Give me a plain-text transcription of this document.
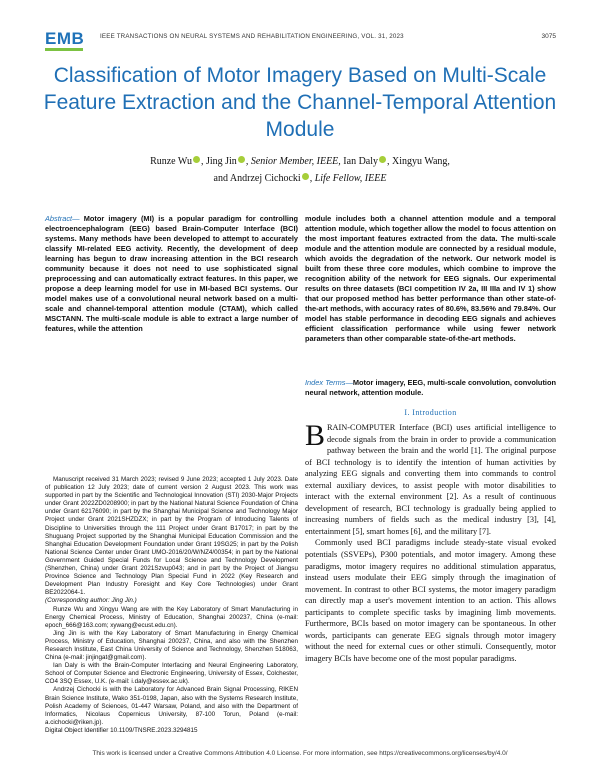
EMB	IEEE TRANSACTIONS ON NEURAL SYSTEMS AND REHABILITATION ENGINEERING, VOL. 31, 2023	3075
Classification of Motor Imagery Based on Multi-Scale Feature Extraction and the Channel-Temporal Attention Module
Runze Wu , Jing Jin , Senior Member, IEEE, Ian Daly , Xingyu Wang,
and Andrzej Cichocki , Life Fellow, IEEE
Abstract— Motor imagery (MI) is a popular paradigm for controlling electroencephalogram (EEG) based Brain-Computer Interface (BCI) systems. Many methods have been developed to attempt to accurately classify MI-related EEG activity. Recently, the development of deep learning has begun to draw increasing attention in the BCI research community because it does not need to use sophisticated signal preprocessing and can automatically extract features. In this paper, we propose a deep learning model for use in MI-based BCI systems. Our model makes use of a convolutional neural network based on a multi-scale and channel-temporal attention module (CTAM), which called MSCTANN. The multi-scale module is able to extract a large number of features, while the attention
module includes both a channel attention module and a temporal attention module, which together allow the model to focus attention on the most important features extracted from the data. The multi-scale module and the attention module are connected by a residual module, which avoids the degradation of the network. Our network model is built from these three core modules, which combine to improve the recognition ability of the network for EEG signals. Our experimental results on three datasets (BCI competition IV 2a, III IIIa and IV 1) show that our proposed method has better performance than other state-of-the-art methods, with accuracy rates of 80.6%, 83.56% and 79.84%. Our model has stable performance in decoding EEG signals and achieves efficient classification performance while using fewer network parameters than other comparable state-of-the-art methods.
Index Terms—Motor imagery, EEG, multi-scale convolution, convolution neural network, attention module.
I. Introduction

BRAIN-COMPUTER Interface (BCI) uses artificial intelligence to decode signals from the brain in order to provide a communication pathway between the brain and the world [1]. The original purpose of BCI technology is to identify the intention of human activities by analyzing EEG signals and converting them into commands to control external auxiliary devices, to assist people with motor disabilities to interact with the external environment [2]. As a result of continuous development of research, BCI technology is gradually being applied to increasing numbers of fields such as the medical industry [3], [4], entertainment [5], smart homes [6], and the military [7].

Commonly used BCI paradigms include steady-state visual evoked potentials (SSVEPs), P300 potentials, and motor imagery. Among these paradigms, motor imagery requires no additional stimulation apparatus, instead users modulate their EEG simply through the imagination of movement. In contrast to other BCI systems, the motor imagery paradigm can directly map a user's movement intention to an action. This allows participants to complete specific tasks by imagining limb movements. Furthermore, BCIs based on motor imagery can be spontaneous. In other words, participants can generate EEG signals through motor imagery without the need for external cues or other stimuli. Consequently, motor imagery BCIs have become one of the most popular paradigms.

Manuscript received 31 March 2023; revised 9 June 2023; accepted 1 July 2023. Date of publication 12 July 2023; date of current version 2 August 2023. This work was supported in part by the Scientific and Technological Innovation (STI) 2030-Major Projects under Grant 2022ZD0208900; in part by the National Natural Science Foundation of China under Grant 62176090; in part by the Shanghai Municipal Science and Technology Major Project under Grant 2021SHZDZX; in part by the Program of Introducing Talents of Discipline to Universities through the 111 Project under Grant B17017; in part by the Shuguang Project supported by the Shanghai Municipal Education Commission and the Shanghai Education Development Foundation under Grant 19SG25; in part by the Polish National Science Center under Grant UMO-2016/20/W/NZ4/00354; in part by the National Government Guided Special Funds for Local Science and Technology Development (Shenzhen, China) under Grant 2021Szvup043; and in part by the Project of Jiangsu Province Science and Technology Plan Special Fund in 2022 (Key Research and Development Plan Industry Foresight and Key Core Technologies) under Grant BE2022064-1.
(Corresponding author: Jing Jin.)

Runze Wu and Xingyu Wang are with the Key Laboratory of Smart Manufacturing in Energy Chemical Process, Ministry of Education, Shanghai 200237, China (e-mail: epoch_666@163.com; xywang@ecust.edu.cn).

Jing Jin is with the Key Laboratory of Smart Manufacturing in Energy Chemical Process, Ministry of Education, Shanghai 200237, China, and also with the Shenzhen Research Institute, East China University of Science and Technology, Shenzhen 518063, China (e-mail: jinjingat@gmail.com).

Ian Daly is with the Brain-Computer Interfacing and Neural Engineering Laboratory, School of Computer Science and Electronic Engineering, University of Essex, Colchester, CO4 3SQ Essex, U.K. (e-mail: i.daly@essex.ac.uk).

Andrzej Cichocki is with the Laboratory for Advanced Brain Signal Processing, RIKEN Brain Science Institute, Wako 351-0198, Japan, also with the Systems Research Institute, Polish Academy of Sciences, 01-447 Warsaw, Poland, and also with the Department of Informatics, Nicolaus Copernicus University, 87-100 Torun, Poland (e-mail: a.cichocki@riken.jp).

Digital Object Identifier 10.1109/TNSRE.2023.3294815

This work is licensed under a Creative Commons Attribution 4.0 License. For more information, see https://creativecommons.org/licenses/by/4.0/
